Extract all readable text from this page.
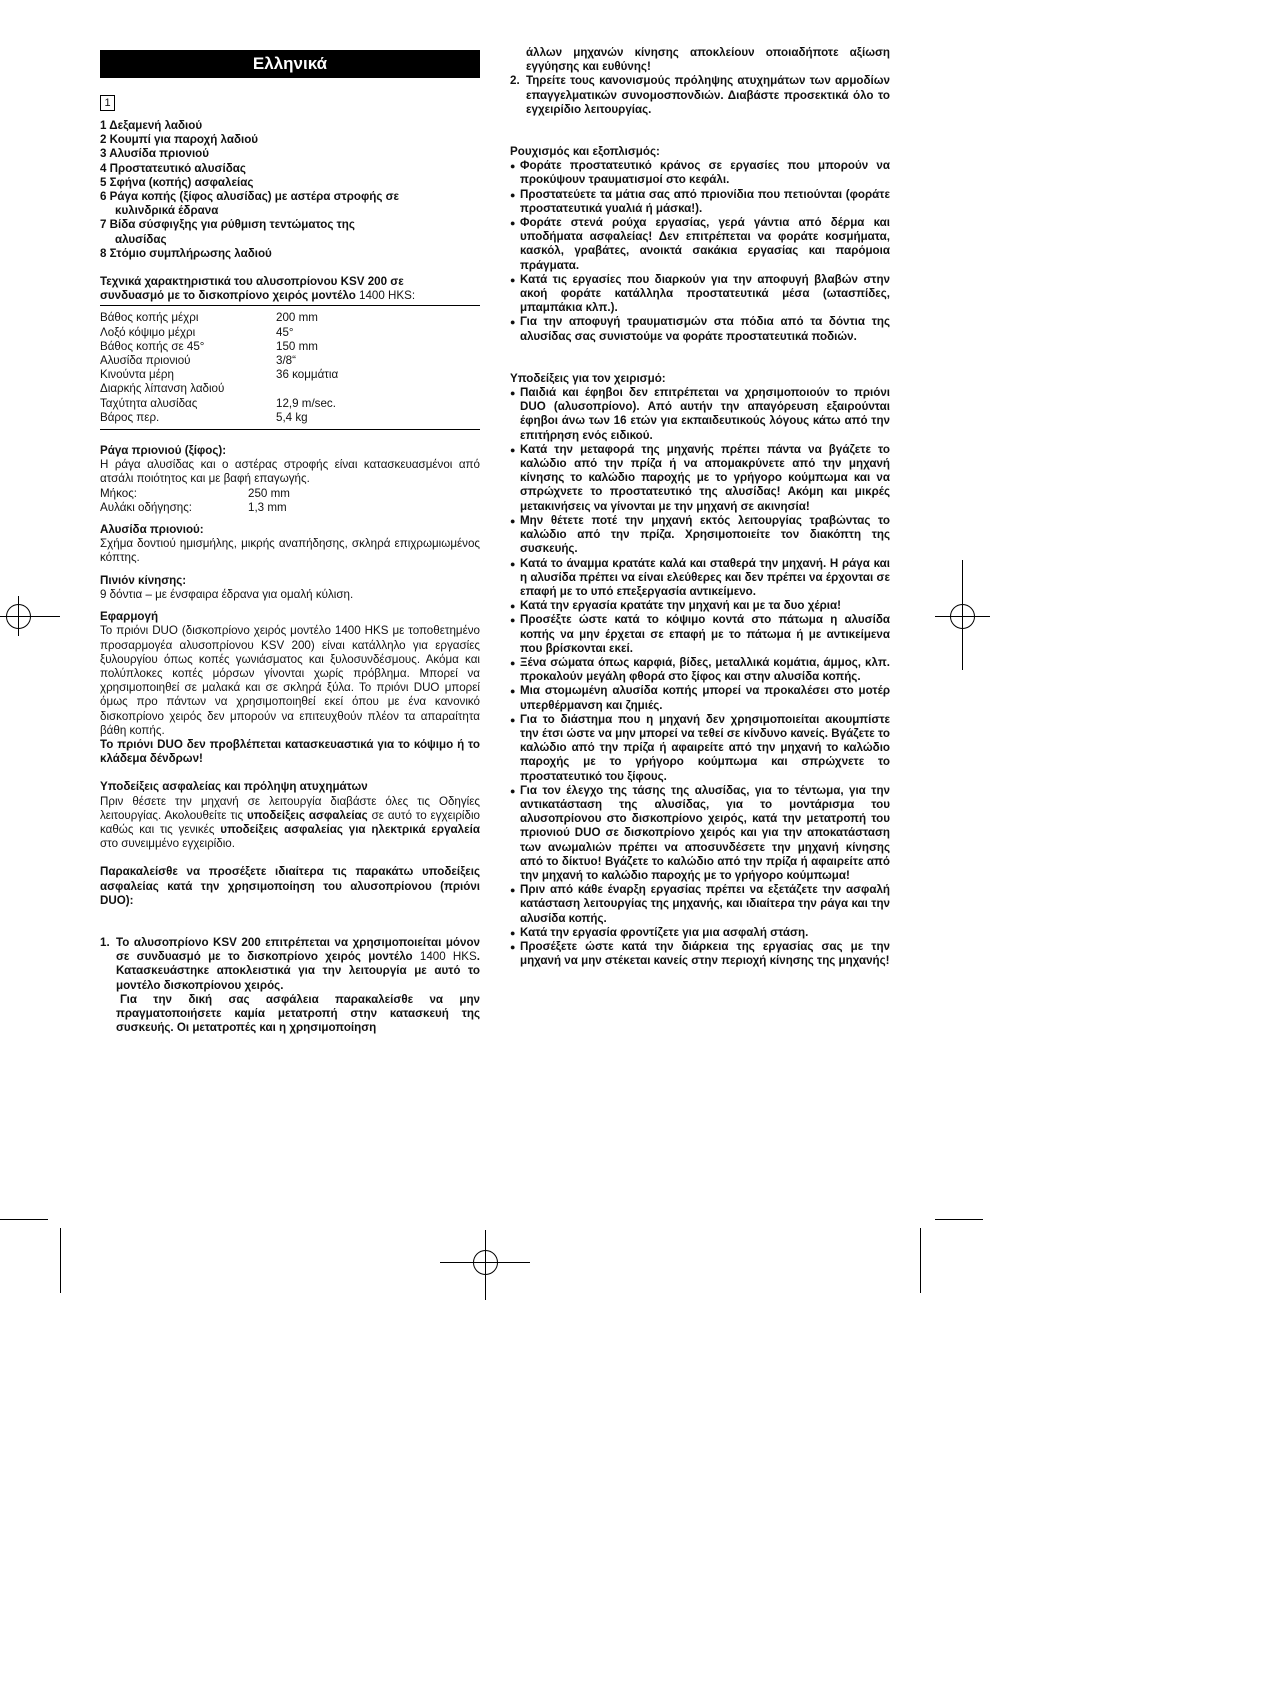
Ελληνικά
1
1 Δεξαμενή λαδιού
2 Κουμπί για παροχή λαδιού
3 Αλυσίδα πριονιού
4 Προστατευτικό αλυσίδας
5 Σφήνα (κοπής) ασφαλείας
6 Ράγα κοπής (ξίφος αλυσίδας) με αστέρα στροφής σε
κυλινδρικά έδρανα
7 Βίδα σύσφιγξης για ρύθμιση τεντώματος της
αλυσίδας
8 Στόμιο συμπλήρωσης λαδιού
Τεχνικά χαρακτηριστικά του αλυσοπρίονου KSV 200 σε
συνδυασμό με το δισκοπρίονο χειρός μοντέλο 1400 HKS:
Βάθος κοπής μέχρι	200 mm
Λοξό κόψιμο μέχρι	45°
Βάθος κοπής σε 45°	150 mm
Αλυσίδα πριονιού	3/8“
Κινούντα μέρη	36 κομμάτια
Διαρκής λίπανση λαδιού
Ταχύτητα αλυσίδας	12,9 m/sec.
Βάρος περ.	5,4 kg
Ράγα πριονιού (ξίφος):
Η ράγα αλυσίδας και ο αστέρας στροφής είναι κατασκευασμένοι από ατσάλι ποιότητος και με βαφή επαγωγής.
Μήκος:	250 mm
Αυλάκι οδήγησης:	1,3 mm
Αλυσίδα πριονιού:
Σχήμα δοντιού ημισμήλης, μικρής αναπήδησης, σκληρά επιχρωμιωμένος κόπτης.
Πινιόν κίνησης:
9 δόντια – με ένσφαιρα έδρανα για ομαλή κύλιση.
Εφαρμογή
Το πριόνι DUO (δισκοπρίονο χειρός μοντέλο 1400 HKS με τοποθετημένο προσαρμογέα αλυσοπρίονου KSV 200) είναι κατάλληλο για εργασίες ξυλουργίου όπως κοπές γωνιάσματος και ξυλοσυνδέσμους. Ακόμα και πολύπλοκες κοπές μόρσων γίνονται χωρίς πρόβλημα. Μπορεί να χρησιμοποιηθεί σε μαλακά και σε σκληρά ξύλα. Το πριόνι DUO μπορεί όμως προ πάντων να χρησιμοποιηθεί εκεί όπου με ένα κανονικό δισκοπρίονο χειρός δεν μπορούν να επιτευχθούν πλέον τα απαραίτητα βάθη κοπής.
Το πριόνι DUO δεν προβλέπεται κατασκευαστικά για το κόψιμο ή το κλάδεμα δένδρων!
Υποδείξεις ασφαλείας και πρόληψη ατυχημάτων
Πριν θέσετε την μηχανή σε λειτουργία διαβάστε όλες τις Οδηγίες λειτουργίας. Ακολουθείτε τις υποδείξεις ασφαλείας σε αυτό το εγχειρίδιο καθώς και τις γενικές υποδείξεις ασφαλείας για ηλεκτρικά εργαλεία στο συνειμμένο εγχειρίδιο.
Παρακαλείσθε να προσέξετε ιδιαίτερα τις παρακάτω υποδείξεις ασφαλείας κατά την χρησιμοποίηση του αλυσοπρίονου (πριόνι DUO):
1. Το αλυσοπρίονο KSV 200 επιτρέπεται να χρησιμοποιείται μόνον σε συνδυασμό με το δισκοπρίονο χειρός μοντέλο 1400 HKS. Κατασκευάστηκε αποκλειστικά για την λειτουργία με αυτό το μοντέλο δισκοπρίονου χειρός.
Για την δική σας ασφάλεια παρακαλείσθε να μην πραγματοποιήσετε καμία μετατροπή στην κατασκευή της συσκευής. Οι μετατροπές και η χρησιμοποίηση
άλλων μηχανών κίνησης αποκλείουν οποιαδήποτε αξίωση εγγύησης και ευθύνης!
2. Τηρείτε τους κανονισμούς πρόληψης ατυχημάτων των αρμοδίων επαγγελματικών συνομοσπονδιών. Διαβάστε προσεκτικά όλο το εγχειρίδιο λειτουργίας.
Ρουχισμός και εξοπλισμός:
● Φοράτε προστατευτικό κράνος σε εργασίες που μπορούν να προκύψουν τραυματισμοί στο κεφάλι.
● Προστατεύετε τα μάτια σας από πριονίδια που πετιούνται (φοράτε προστατευτικά γυαλιά ή μάσκα!).
● Φοράτε στενά ρούχα εργασίας, γερά γάντια από δέρμα και υποδήματα ασφαλείας! Δεν επιτρέπεται να φοράτε κοσμήματα, κασκόλ, γραβάτες, ανοικτά σακάκια εργασίας και παρόμοια πράγματα.
● Κατά τις εργασίες που διαρκούν για την αποφυγή βλαβών στην ακοή φοράτε κατάλληλα προστατευτικά μέσα (ωτασπίδες, μπαμπάκια κλπ.).
● Για την αποφυγή τραυματισμών στα πόδια από τα δόντια της αλυσίδας σας συνιστούμε να φοράτε προστατευτικά ποδιών.
Υποδείξεις για τον χειρισμό:
● Παιδιά και έφηβοι δεν επιτρέπεται να χρησιμοποιούν το πριόνι DUO (αλυσοπρίονο). Από αυτήν την απαγόρευση εξαιρούνται έφηβοι άνω των 16 ετών για εκπαιδευτικούς λόγους κάτω από την επιτήρηση ενός ειδικού.
● Κατά την μεταφορά της μηχανής πρέπει πάντα να βγάζετε το καλώδιο από την πρίζα ή να απομακρύνετε από την μηχανή κίνησης το καλώδιο παροχής με το γρήγορο κούμπωμα και να σπρώχνετε το προστατευτικό της αλυσίδας! Ακόμη και μικρές μετακινήσεις να γίνονται με την μηχανή σε ακινησία!
● Μην θέτετε ποτέ την μηχανή εκτός λειτουργίας τραβώντας το καλώδιο από την πρίζα. Χρησιμοποιείτε τον διακόπτη της συσκευής.
● Κατά το άναμμα κρατάτε καλά και σταθερά την μηχανή. Η ράγα και η αλυσίδα πρέπει να είναι ελεύθερες και δεν πρέπει να έρχονται σε επαφή με το υπό επεξεργασία αντικείμενο.
● Κατά την εργασία κρατάτε την μηχανή και με τα δυο χέρια!
● Προσέξτε ώστε κατά το κόψιμο κοντά στο πάτωμα η αλυσίδα κοπής να μην έρχεται σε επαφή με το πάτωμα ή με αντικείμενα που βρίσκονται εκεί.
● Ξένα σώματα όπως καρφιά, βίδες, μεταλλικά κομάτια, άμμος, κλπ. προκαλούν μεγάλη φθορά στο ξίφος και στην αλυσίδα κοπής.
● Μια στομωμένη αλυσίδα κοπής μπορεί να προκαλέσει στο μοτέρ υπερθέρμανση και ζημιές.
● Για το διάστημα που η μηχανή δεν χρησιμοποιείται ακουμπίστε την έτσι ώστε να μην μπορεί να τεθεί σε κίνδυνο κανείς. Βγάζετε το καλώδιο από την πρίζα ή αφαιρείτε από την μηχανή το καλώδιο παροχής με το γρήγορο κούμπωμα και σπρώχνετε το προστατευτικό του ξίφους.
● Για τον έλεγχο της τάσης της αλυσίδας, για το τέντωμα, για την αντικατάσταση της αλυσίδας, για το μοντάρισμα του αλυσοπρίονου στο δισκοπρίονο χειρός, κατά την μετατροπή του πριονιού DUO σε δισκοπρίονο χειρός και για την αποκατάσταση των ανωμαλιών πρέπει να αποσυνδέσετε την μηχανή κίνησης από το δίκτυο! Βγάζετε το καλώδιο από την πρίζα ή αφαιρείτε από την μηχανή το καλώδιο παροχής με το γρήγορο κούμπωμα!
● Πριν από κάθε έναρξη εργασίας πρέπει να εξετάζετε την ασφαλή κατάσταση λειτουργίας της μηχανής, και ιδιαίτερα την ράγα και την αλυσίδα κοπής.
● Κατά την εργασία φροντίζετε για μια ασφαλή στάση.
● Προσέξετε ώστε κατά την διάρκεια της εργασίας σας με την μηχανή να μην στέκεται κανείς στην περιοχή κίνησης της μηχανής!
